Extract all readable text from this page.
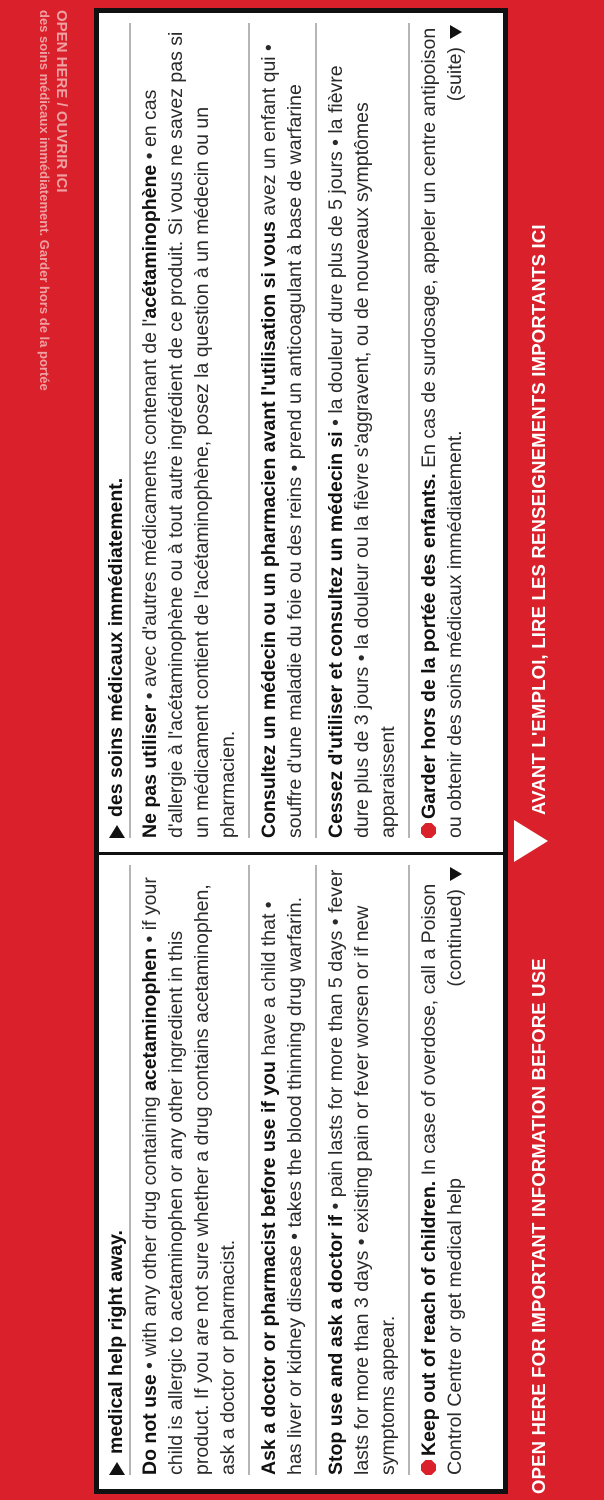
OPEN HERE / OUVRIR ICI
des soins médicaux immédiatement. Garder hors de la portée

medical help right away. Do not use • with any other drug containing acetaminophen • if your child is allergic to acetaminophen or any other ingredient in this product. If you are not sure whether a drug contains acetaminophen, ask a doctor or pharmacist. Ask a doctor or pharmacist before use if you have a child that • has liver or kidney disease • takes the blood thinning drug warfarin. Stop use and ask a doctor if • pain lasts for more than 5 days • fever lasts for more than 3 days • existing pain or fever worsen or if new symptoms appear. Keep out of reach of children. In case of overdose, call a Poison Control Centre or get medical help
(continued)

des soins médicaux immédiatement. Ne pas utiliser • avec d'autres médicaments contenant de l'acétaminophène • en cas d'allergie à l'acétaminophène ou à tout autre ingrédient de ce produit. Si vous ne savez pas si un médicament contient de l'acétaminophène, posez la question à un médecin ou un pharmacien. Consultez un médecin ou un pharmacien avant l'utilisation si vous avez un enfant qui • souffre d'une maladie du foie ou des reins • prend un anticoagulant à base de warfarine Cessez d'utiliser et consultez un médecin si • la douleur dure plus de 5 jours • la fièvre dure plus de 3 jours • la douleur ou la fièvre s'aggravent, ou de nouveaux symptômes apparaissent Garder hors de la portée des enfants. En cas de surdosage, appeler un centre antipoison ou obtenir des soins médicaux immédiatement.
(suite)

OPEN HERE FOR IMPORTANT INFORMATION BEFORE USE
AVANT L'EMPLOI, LIRE LES RENSEIGNEMENTS IMPORTANTS ICI
